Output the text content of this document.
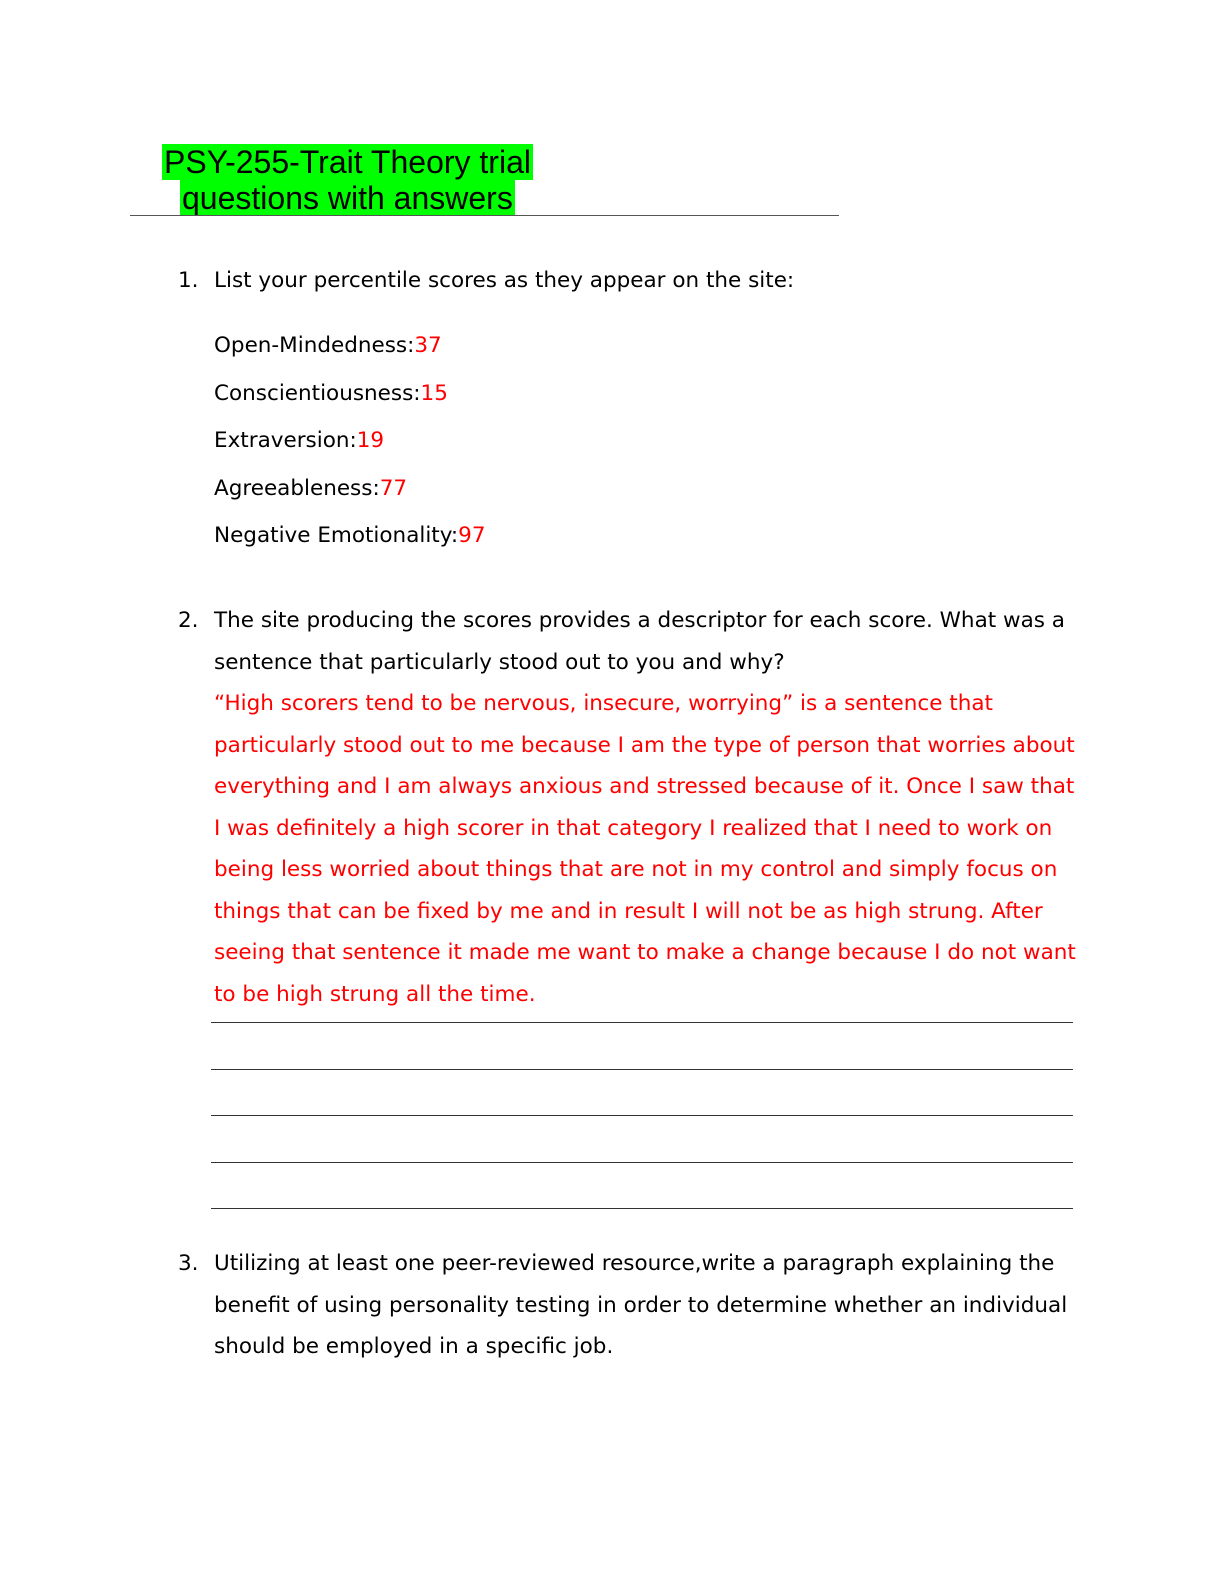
PSY-255-Trait Theory trial
questions with answers
1. List your percentile scores as they appear on the site:
Open-Mindedness:37
Conscientiousness:15
Extraversion:19
Agreeableness:77
Negative Emotionality:97
2. The site producing the scores provides a descriptor for each score. What was a sentence that particularly stood out to you and why?
“High scorers tend to be nervous, insecure, worrying” is a sentence that particularly stood out to me because I am the type of person that worries about everything and I am always anxious and stressed because of it. Once I saw that I was definitely a high scorer in that category I realized that I need to work on being less worried about things that are not in my control and simply focus on things that can be fixed by me and in result I will not be as high strung. After seeing that sentence it made me want to make a change because I do not want to be high strung all the time.
3. Utilizing at least one peer-reviewed resource,write a paragraph explaining the benefit of using personality testing in order to determine whether an individual should be employed in a specific job.
